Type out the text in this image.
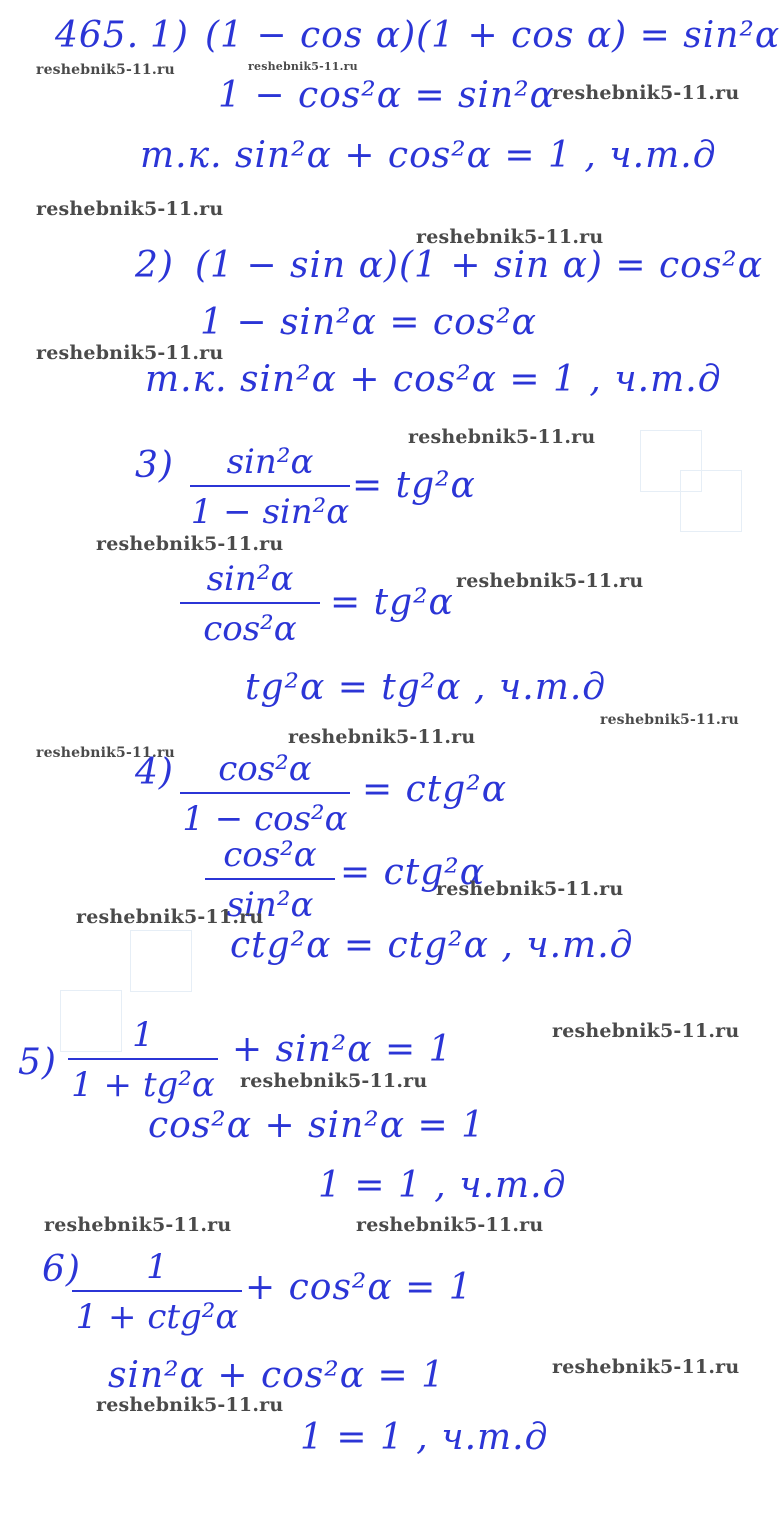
465. 1) (1 − cos α)(1 + cos α) = sin²α
1 − cos²α = sin²α
т.к. sin²α + cos²α = 1 , ч.т.д
2) (1 − sin α)(1 + sin α) = cos²α
1 − sin²α = cos²α
т.к. sin²α + cos²α = 1 , ч.т.д
3)	sin²α
1 − sin²α
= tg²α
sin²α
cos²α
= tg²α
tg²α = tg²α , ч.т.д
4)	cos²α
1 − cos²α
= ctg²α
cos²α
sin²α
= ctg²α
ctg²α = ctg²α , ч.т.д
5)
1
1 + tg²α
+ sin²α = 1
cos²α + sin²α = 1
1 = 1 , ч.т.д
6)	1
1 + ctg²α
+ cos²α = 1
sin²α + cos²α = 1
1 = 1 , ч.т.д
reshebnik5-11.ru	reshebnik5-11.ru
reshebnik5-11.ru
reshebnik5-11.ru
reshebnik5-11.ru
reshebnik5-11.ru
reshebnik5-11.ru
reshebnik5-11.ru
reshebnik5-11.ru
reshebnik5-11.ru
reshebnik5-11.ru
reshebnik5-11.ru
reshebnik5-11.ru
reshebnik5-11.ru
reshebnik5-11.ru
reshebnik5-11.ru
reshebnik5-11.ru	reshebnik5-11.ru
reshebnik5-11.ru
reshebnik5-11.ru
